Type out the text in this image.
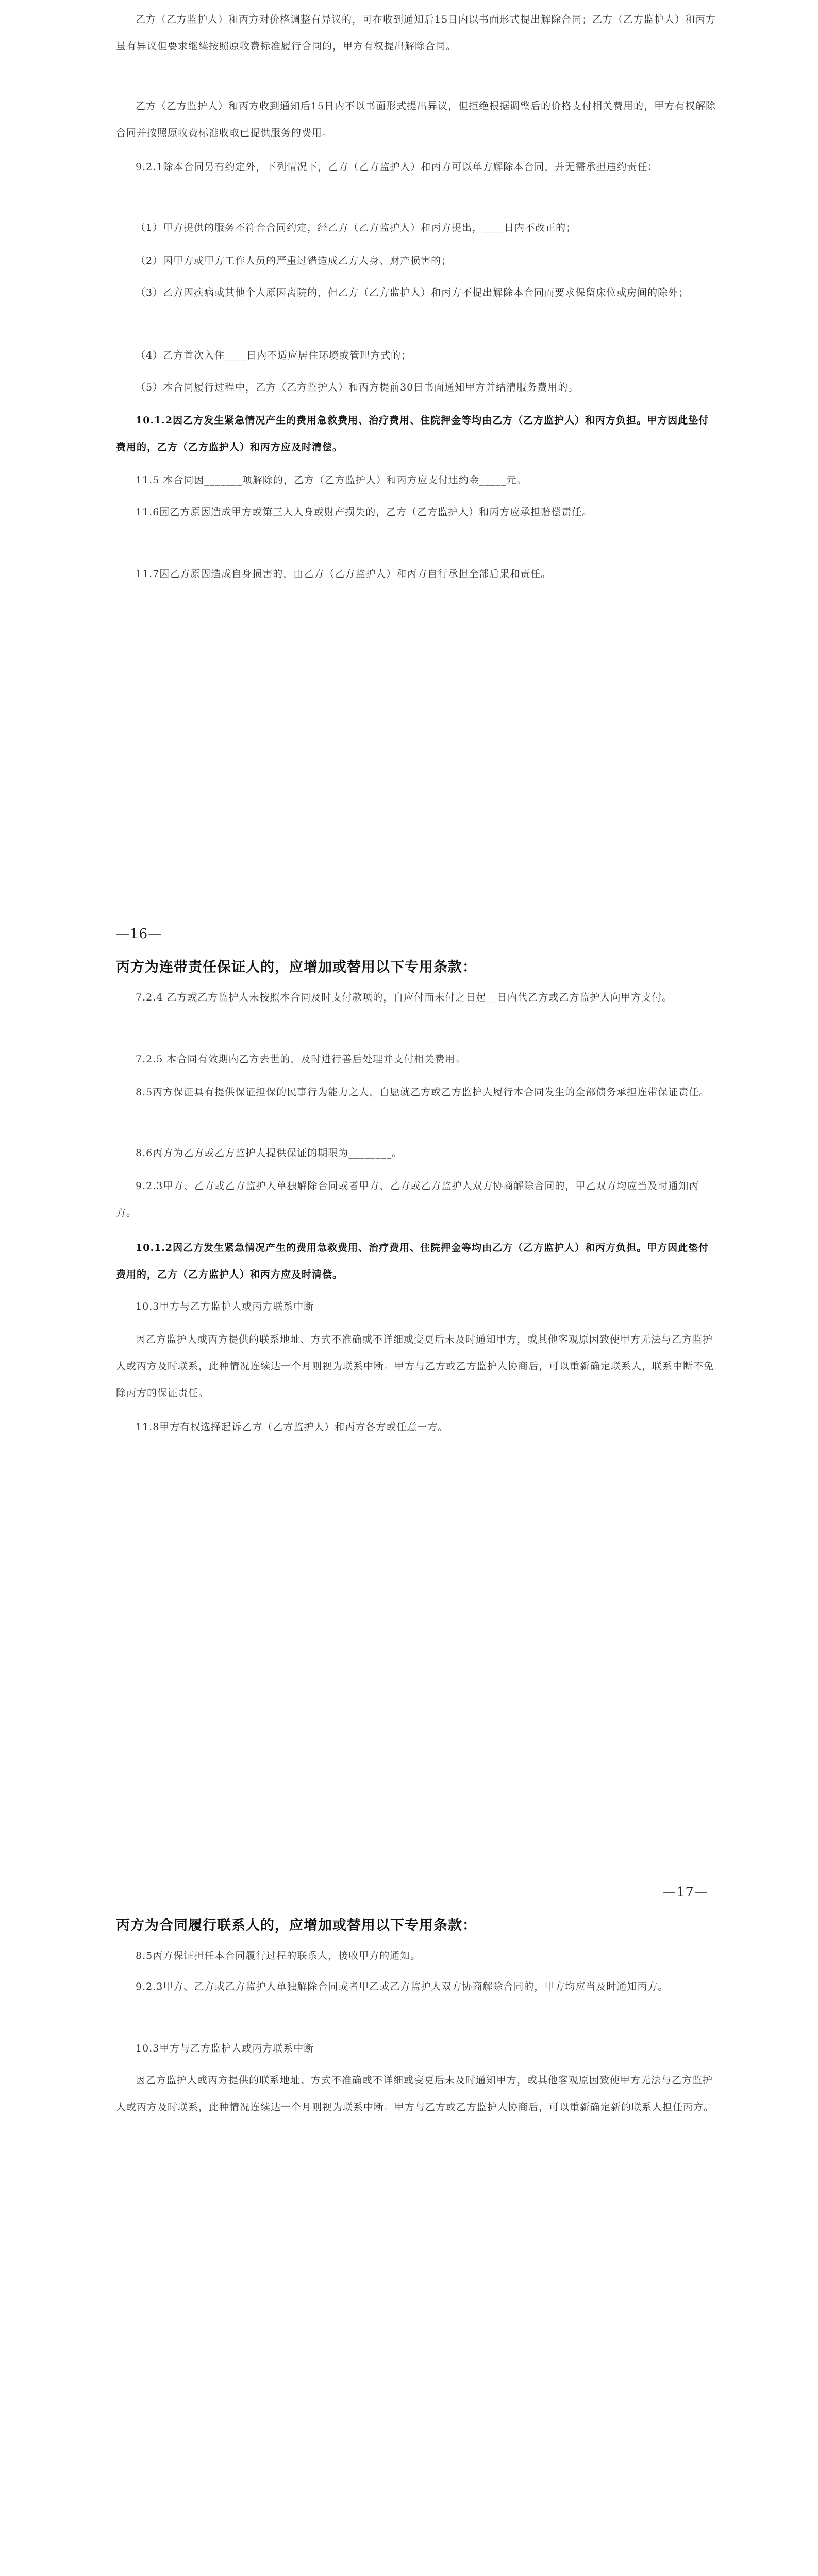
乙方（乙方监护人）和丙方对价格调整有异议的，可在收到通知后15日内以书面形式提出解除合同；乙方（乙方监护人）和丙方虽有异议但要求继续按照原收费标准履行合同的，甲方有权提出解除合同。

乙方（乙方监护人）和丙方收到通知后15日内不以书面形式提出异议，但拒绝根据调整后的价格支付相关费用的，甲方有权解除合同并按照原收费标准收取已提供服务的费用。

9.2.1除本合同另有约定外，下列情况下，乙方（乙方监护人）和丙方可以单方解除本合同，并无需承担违约责任：

（1）甲方提供的服务不符合合同约定，经乙方（乙方监护人）和丙方提出，____日内不改正的；

（2）因甲方或甲方工作人员的严重过错造成乙方人身、财产损害的；

（3）乙方因疾病或其他个人原因离院的，但乙方（乙方监护人）和丙方不提出解除本合同而要求保留床位或房间的除外；

（4）乙方首次入住____日内不适应居住环境或管理方式的；

（5）本合同履行过程中，乙方（乙方监护人）和丙方提前30日书面通知甲方并结清服务费用的。

10.1.2因乙方发生紧急情况产生的费用急救费用、治疗费用、住院押金等均由乙方（乙方监护人）和丙方负担。甲方因此垫付费用的，乙方（乙方监护人）和丙方应及时清偿。

11.5 本合同因_______项解除的，乙方（乙方监护人）和丙方应支付违约金_____元。

11.6因乙方原因造成甲方或第三人人身或财产损失的，乙方（乙方监护人）和丙方应承担赔偿责任。

11.7因乙方原因造成自身损害的，由乙方（乙方监护人）和丙方自行承担全部后果和责任。

—16—
丙方为连带责任保证人的，应增加或替用以下专用条款：

7.2.4 乙方或乙方监护人未按照本合同及时支付款项的，自应付而未付之日起__日内代乙方或乙方监护人向甲方支付。

7.2.5 本合同有效期内乙方去世的，及时进行善后处理并支付相关费用。

8.5丙方保证具有提供保证担保的民事行为能力之人，自愿就乙方或乙方监护人履行本合同发生的全部债务承担连带保证责任。

8.6丙方为乙方或乙方监护人提供保证的期限为________。

9.2.3甲方、乙方或乙方监护人单独解除合同或者甲方、乙方或乙方监护人双方协商解除合同的，甲乙双方均应当及时通知丙方。

10.1.2因乙方发生紧急情况产生的费用急救费用、治疗费用、住院押金等均由乙方（乙方监护人）和丙方负担。甲方因此垫付费用的，乙方（乙方监护人）和丙方应及时清偿。

10.3甲方与乙方监护人或丙方联系中断

因乙方监护人或丙方提供的联系地址、方式不准确或不详细或变更后未及时通知甲方，或其他客观原因致使甲方无法与乙方监护人或丙方及时联系，此种情况连续达一个月则视为联系中断。甲方与乙方或乙方监护人协商后，可以重新确定联系人，联系中断不免除丙方的保证责任。

11.8甲方有权选择起诉乙方（乙方监护人）和丙方各方或任意一方。

—17—
丙方为合同履行联系人的，应增加或替用以下专用条款：

8.5丙方保证担任本合同履行过程的联系人，接收甲方的通知。

9.2.3甲方、乙方或乙方监护人单独解除合同或者甲乙或乙方监护人双方协商解除合同的，甲方均应当及时通知丙方。

10.3甲方与乙方监护人或丙方联系中断

因乙方监护人或丙方提供的联系地址、方式不准确或不详细或变更后未及时通知甲方，或其他客观原因致使甲方无法与乙方监护人或丙方及时联系，此种情况连续达一个月则视为联系中断。甲方与乙方或乙方监护人协商后，可以重新确定新的联系人担任丙方。
